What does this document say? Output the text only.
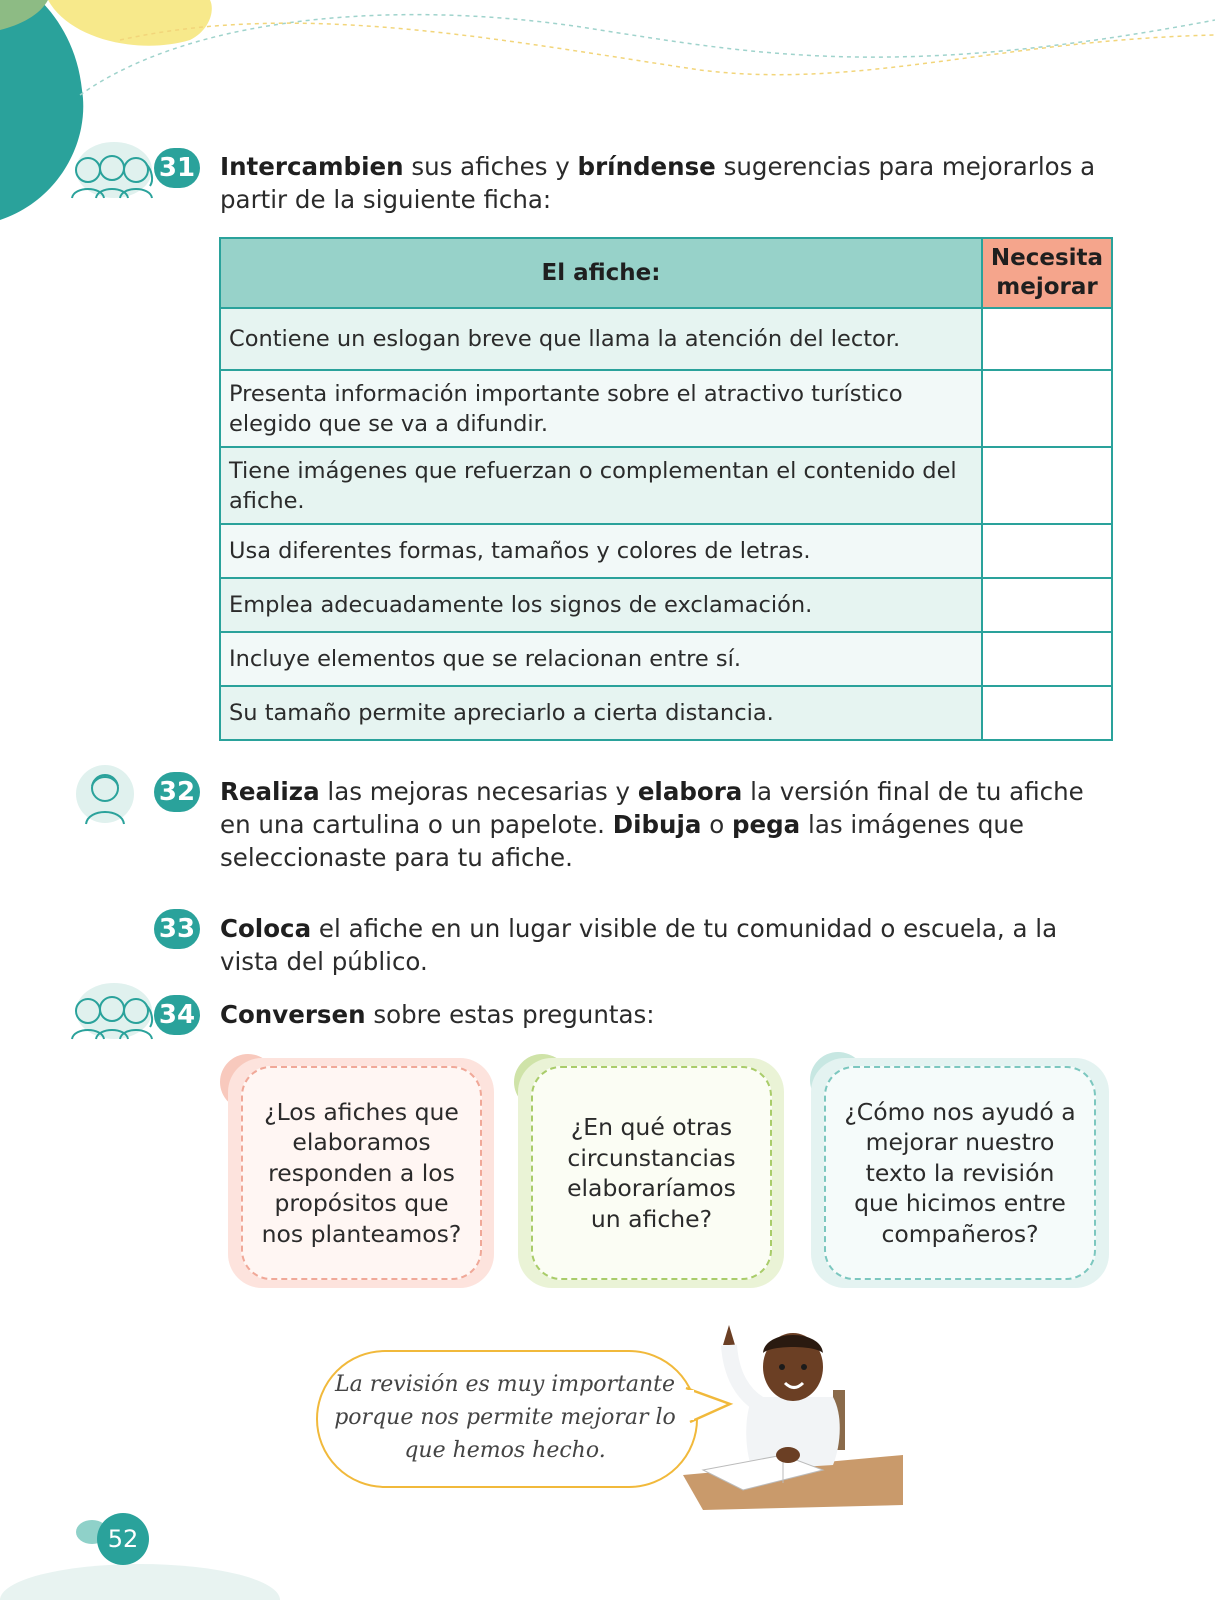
31 Intercambien sus afiches y bríndense sugerencias para mejorarlos a
partir de la siguiente ficha:
El afiche:	Necesita mejorar
Contiene un eslogan breve que llama la atención del lector.	
Presenta información importante sobre el atractivo turístico elegido que se va a difundir.	
Tiene imágenes que refuerzan o complementan el contenido del afiche.	
Usa diferentes formas, tamaños y colores de letras.	
Emplea adecuadamente los signos de exclamación.	
Incluye elementos que se relacionan entre sí.	
Su tamaño permite apreciarlo a cierta distancia.	
32 Realiza las mejoras necesarias y elabora la versión final de tu afiche
en una cartulina o un papelote. Dibuja o pega las imágenes que
seleccionaste para tu afiche.
33 Coloca el afiche en un lugar visible de tu comunidad o escuela, a la
vista del público.
34 Conversen sobre estas preguntas:
¿Los afiches que elaboramos responden a los propósitos que nos planteamos?
¿En qué otras circunstancias elaboraríamos un afiche?
¿Cómo nos ayudó a mejorar nuestro texto la revisión que hicimos entre compañeros?
La revisión es muy importante porque nos permite mejorar lo que hemos hecho.
52
